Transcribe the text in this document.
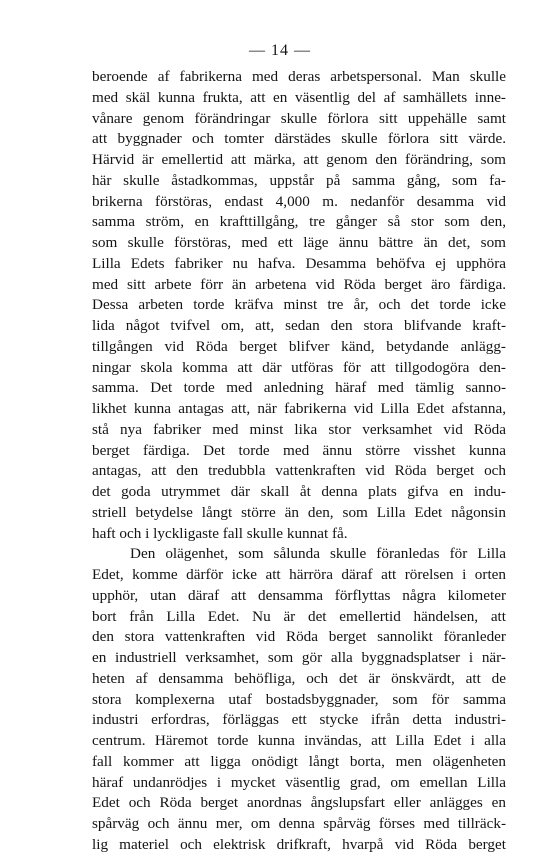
— 14 —
beroende af fabrikerna med deras arbetspersonal. Man skulle
med skäl kunna frukta, att en väsentlig del af samhällets inne-
vånare genom förändringar skulle förlora sitt uppehälle samt
att byggnader och tomter därstädes skulle förlora sitt värde.
Härvid är emellertid att märka, att genom den förändring, som
här skulle åstadkommas, uppstår på samma gång, som fa-
brikerna förstöras, endast 4,000 m. nedanför desamma vid
samma ström, en krafttillgång, tre gånger så stor som den,
som skulle förstöras, med ett läge ännu bättre än det, som
Lilla Edets fabriker nu hafva. Desamma behöfva ej upphöra
med sitt arbete förr än arbetena vid Röda berget äro färdiga.
Dessa arbeten torde kräfva minst tre år, och det torde icke
lida något tvifvel om, att, sedan den stora blifvande kraft-
tillgången vid Röda berget blifver känd, betydande anlägg-
ningar skola komma att där utföras för att tillgodogöra den-
samma. Det torde med anledning häraf med tämlig sanno-
likhet kunna antagas att, när fabrikerna vid Lilla Edet afstanna,
stå nya fabriker med minst lika stor verksamhet vid Röda
berget färdiga. Det torde med ännu större visshet kunna
antagas, att den tredubbla vattenkraften vid Röda berget och
det goda utrymmet där skall åt denna plats gifva en indu-
striell betydelse långt större än den, som Lilla Edet någonsin
haft och i lyckligaste fall skulle kunnat få.
Den olägenhet, som sålunda skulle föranledas för Lilla
Edet, komme därför icke att härröra däraf att rörelsen i orten
upphör, utan däraf att densamma förflyttas några kilometer
bort från Lilla Edet. Nu är det emellertid händelsen, att
den stora vattenkraften vid Röda berget sannolikt föranleder
en industriell verksamhet, som gör alla byggnadsplatser i när-
heten af densamma behöfliga, och det är önskvärdt, att de
stora komplexerna utaf bostadsbyggnader, som för samma
industri erfordras, förläggas ett stycke ifrån detta industri-
centrum. Häremot torde kunna invändas, att Lilla Edet i alla
fall kommer att ligga onödigt långt borta, men olägenheten
häraf undanrödjes i mycket väsentlig grad, om emellan Lilla
Edet och Röda berget anordnas ångslupsfart eller anlägges en
spårväg och ännu mer, om denna spårväg förses med tillräck-
lig materiel och elektrisk drifkraft, hvarpå vid Röda berget
